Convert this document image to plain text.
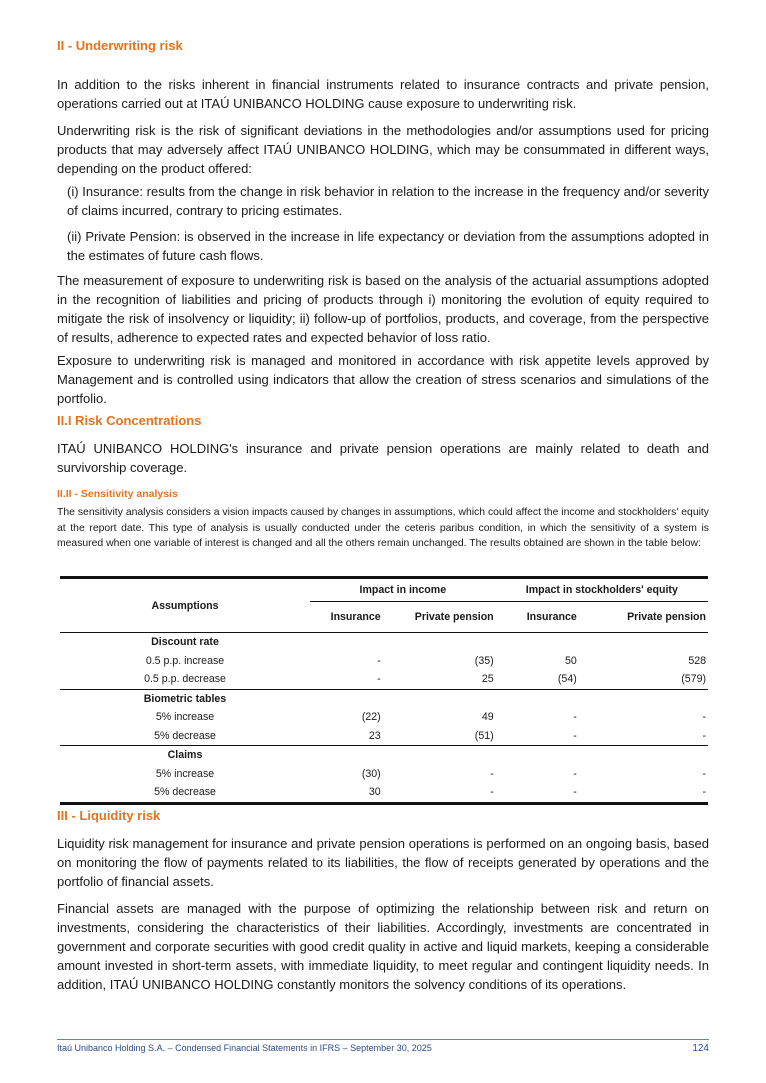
II - Underwriting risk

In addition to the risks inherent in financial instruments related to insurance contracts and private pension, operations carried out at ITAÚ UNIBANCO HOLDING cause exposure to underwriting risk.

Underwriting risk is the risk of significant deviations in the methodologies and/or assumptions used for pricing products that may adversely affect ITAÚ UNIBANCO HOLDING, which may be consummated in different ways, depending on the product offered:

(i) Insurance: results from the change in risk behavior in relation to the increase in the frequency and/or severity of claims incurred, contrary to pricing estimates.

(ii) Private Pension: is observed in the increase in life expectancy or deviation from the assumptions adopted in the estimates of future cash flows.

The measurement of exposure to underwriting risk is based on the analysis of the actuarial assumptions adopted in the recognition of liabilities and pricing of products through i) monitoring the evolution of equity required to mitigate the risk of insolvency or liquidity; ii) follow-up of portfolios, products, and coverage, from the perspective of results, adherence to expected rates and expected behavior of loss ratio.

Exposure to underwriting risk is managed and monitored in accordance with risk appetite levels approved by Management and is controlled using indicators that allow the creation of stress scenarios and simulations of the portfolio.

II.I Risk Concentrations

ITAÚ UNIBANCO HOLDING's insurance and private pension operations are mainly related to death and survivorship coverage.

II.II - Sensitivity analysis

The sensitivity analysis considers a vision impacts caused by changes in assumptions, which could affect the income and stockholders' equity at the report date. This type of analysis is usually conducted under the ceteris paribus condition, in which the sensitivity of a system is measured when one variable of interest is changed and all the others remain unchanged. The results obtained are shown in the table below:

Assumptions	Impact in income		Impact in stockholders' equity	
	Insurance	Private pension	Insurance	Private pension
Discount rate				
0.5 p.p. increase	-	(35)	50	528
0.5 p.p. decrease	-	25	(54)	(579)
Biometric tables				
5% increase	(22)	49	-	-
5% decrease	23	(51)	-	-
Claims				
5% increase	(30)	-	-	-
5% decrease	30	-	-	-
III - Liquidity risk

Liquidity risk management for insurance and private pension operations is performed on an ongoing basis, based on monitoring the flow of payments related to its liabilities, the flow of receipts generated by operations and the portfolio of financial assets.

Financial assets are managed with the purpose of optimizing the relationship between risk and return on investments, considering the characteristics of their liabilities. Accordingly, investments are concentrated in government and corporate securities with good credit quality in active and liquid markets, keeping a considerable amount invested in short-term assets, with immediate liquidity, to meet regular and contingent liquidity needs. In addition, ITAÚ UNIBANCO HOLDING constantly monitors the solvency conditions of its operations.

Itaú Unibanco Holding S.A. – Condensed Financial Statements in IFRS – September 30, 2025	124
